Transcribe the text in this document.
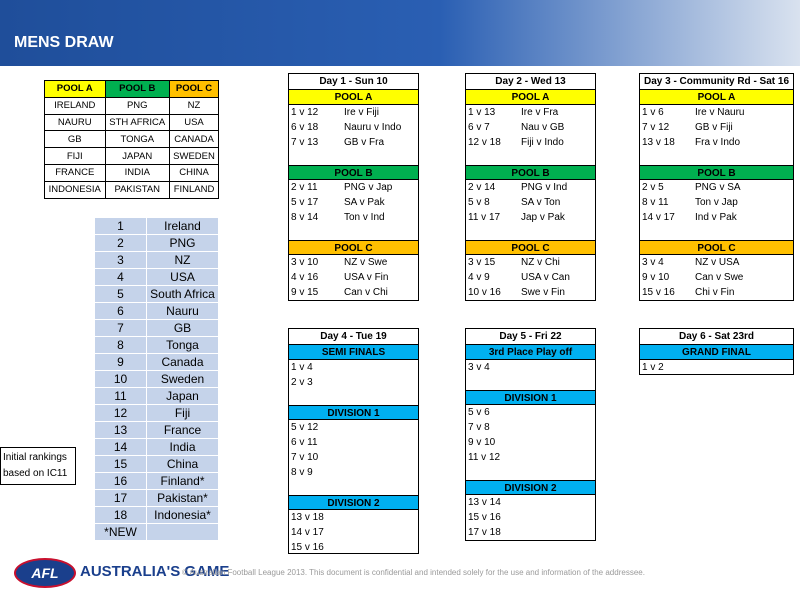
MENS DRAW
POOL A	POOL B	POOL C
IRELAND	PNG	NZ
NAURU	STH AFRICA	USA
GB	TONGA	CANADA
FIJI	JAPAN	SWEDEN
FRANCE	INDIA	CHINA
INDONESIA	PAKISTAN	FINLAND
1	Ireland
2	PNG
3	NZ
4	USA
5	South Africa
6	Nauru
7	GB
8	Tonga
9	Canada
10	Sweden
11	Japan
12	Fiji
13	France
14	India
15	China
16	Finland*
17	Pakistan*
18	Indonesia*
*NEW	
Initial rankings
based on IC11
Day 1 - Sun 10
POOL A
1 v 12	Ire v Fiji
6 v 18	Nauru v Indo
7 v 13	GB v Fra
POOL B
2 v 11	PNG v Jap
5 v 17	SA v Pak
8 v 14	Ton v Ind
POOL C
3 v 10	NZ v Swe
4 v 16	USA v Fin
9 v 15	Can v Chi
Day 2 - Wed 13
POOL A
1 v 13	Ire v Fra
6 v 7	Nau v GB
12 v 18 Fiji v Indo
POOL B
2 v 14	PNG v Ind
5 v 8	SA v Ton
11 v 17 Jap v Pak
POOL C
3 v 15	NZ v Chi
4 v 9	USA v Can
10 v 16 Swe v Fin
Day 3 - Community Rd - Sat 16
POOL A
1 v 6	Ire v Nauru
7 v 12	GB v Fiji
13 v 18 Fra v Indo
POOL B
2 v 5	PNG v SA
8 v 11	Ton v Jap
14 v 17 Ind v Pak
POOL C
3 v 4	NZ v USA
9 v 10	Can v Swe
15 v 16 Chi v Fin
Day 4 - Tue 19
SEMI FINALS
1 v 4
2 v 3
DIVISION 1
5 v 12
6 v 11
7 v 10
8 v 9
DIVISION 2
13 v 18
14 v 17
15 v 16
Day 5 - Fri 22
3rd Place Play off
3 v 4
DIVISION 1
5 v 6
7 v 8
9 v 10
11 v 12
DIVISION 2
13 v 14
15 v 16
17 v 18
Day 6 - Sat 23rd
GRAND FINAL
1 v 2
AFL	AUSTRALIA'S GAME
© Australian Football League 2013. This document is confidential and intended solely for the use and information of the addressee.
